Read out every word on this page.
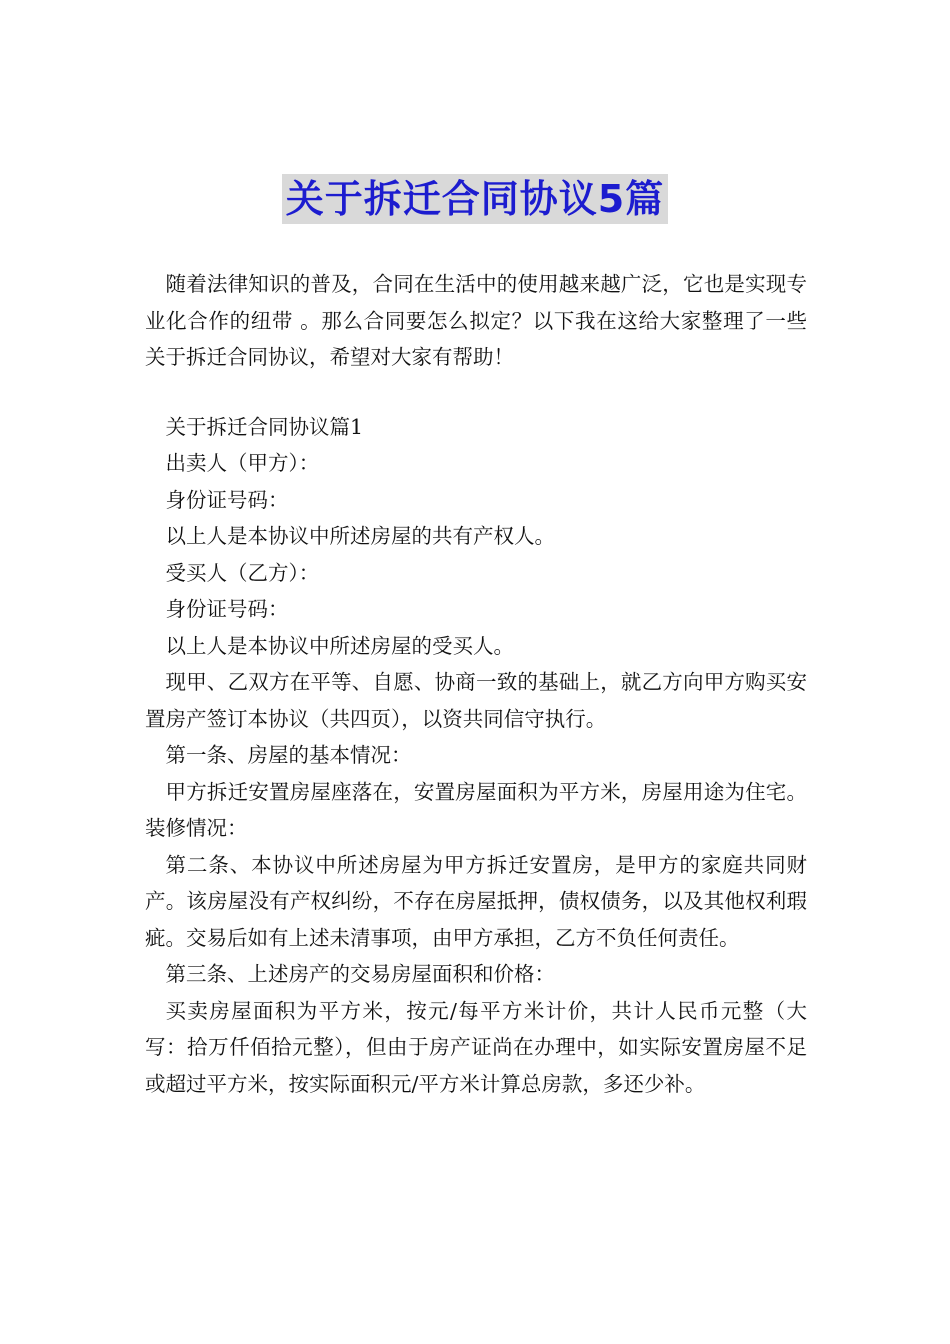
关于拆迁合同协议5篇

随着法律知识的普及，合同在生活中的使用越来越广泛，它也是实现专业化合作的纽带 。那么合同要怎么拟定？以下我在这给大家整理了一些关于拆迁合同协议，希望对大家有帮助！

关于拆迁合同协议篇1

出卖人（甲方）：

身份证号码：

以上人是本协议中所述房屋的共有产权人。

受买人（乙方）：

身份证号码：

以上人是本协议中所述房屋的受买人。

现甲、乙双方在平等、自愿、协商一致的基础上，就乙方向甲方购买安置房产签订本协议（共四页），以资共同信守执行。

第一条、房屋的基本情况：

甲方拆迁安置房屋座落在，安置房屋面积为平方米，房屋用途为住宅。装修情况：

第二条、本协议中所述房屋为甲方拆迁安置房，是甲方的家庭共同财产。该房屋没有产权纠纷，不存在房屋抵押，债权债务，以及其他权利瑕疵。交易后如有上述未清事项，由甲方承担，乙方不负任何责任。

第三条、上述房产的交易房屋面积和价格：

买卖房屋面积为平方米，按元/每平方米计价，共计人民币元整（大写：拾万仟佰拾元整），但由于房产证尚在办理中，如实际安置房屋不足或超过平方米，按实际面积元/平方米计算总房款，多还少补。
